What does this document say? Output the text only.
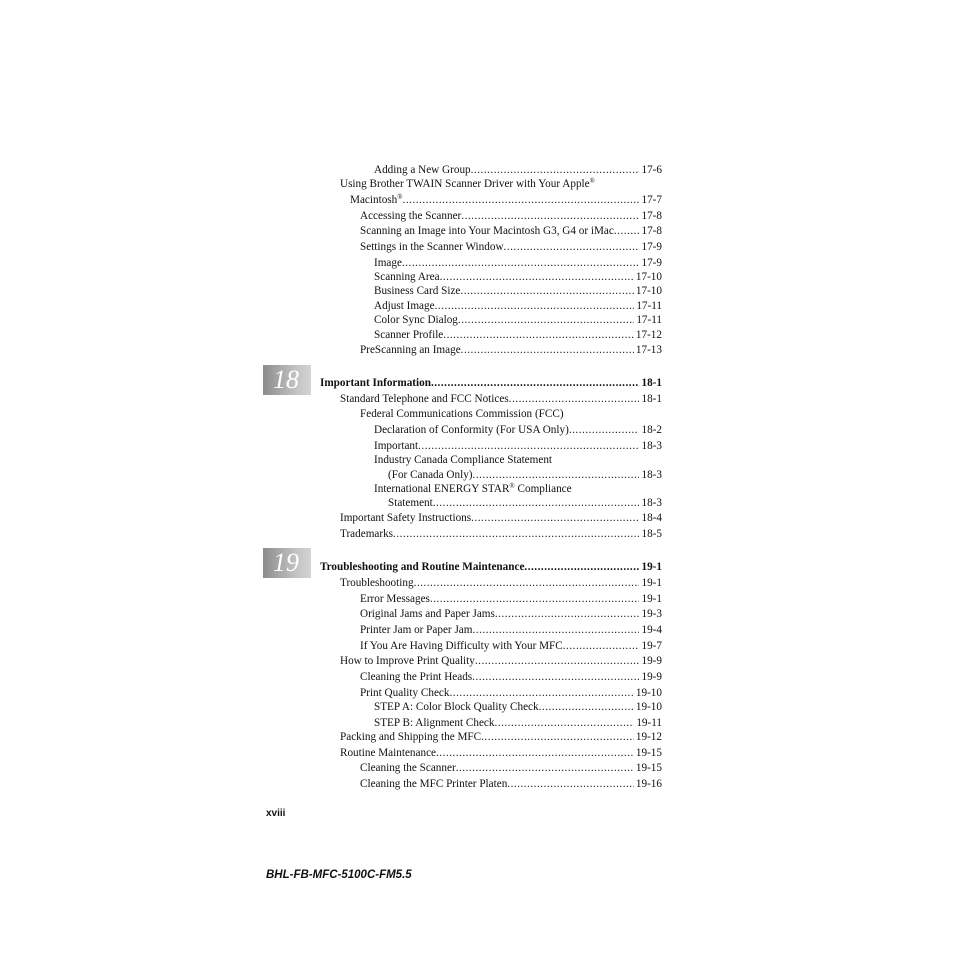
Adding a New Group .....	17-6
Using Brother TWAIN Scanner Driver with Your Apple®
Macintosh® .....	17-7
Accessing the Scanner .....	17-8
Scanning an Image into Your Macintosh G3, G4 or iMac ..... 17-8
Settings in the Scanner Window .....	17-9
Image .....	17-9
Scanning Area .....	17-10
Business Card Size .....	17-10
Adjust Image .....	17-11
Color Sync Dialog .....	17-11
Scanner Profile .....	17-12
PreScanning an Image .....	17-13
18	Important Information .....	18-1
Standard Telephone and FCC Notices .....	18-1
Federal Communications Commission (FCC)
Declaration of Conformity (For USA Only) .....	18-2
Important .....	18-3
Industry Canada Compliance Statement
(For Canada Only) .....	18-3
International ENERGY STAR® Compliance
Statement .....	18-3
Important Safety Instructions .....	18-4
Trademarks .....	18-5
19	Troubleshooting and Routine Maintenance .....	19-1
Troubleshooting .....	19-1
Error Messages .....	19-1
Original Jams and Paper Jams .....	19-3
Printer Jam or Paper Jam .....	19-4
If You Are Having Difficulty with Your MFC .....	19-7
How to Improve Print Quality .....	19-9
Cleaning the Print Heads .....	19-9
Print Quality Check .....	19-10
STEP A: Color Block Quality Check .....	19-10
STEP B: Alignment Check .....	19-11
Packing and Shipping the MFC .....	19-12
Routine Maintenance .....	19-15
Cleaning the Scanner .....	19-15
Cleaning the MFC Printer Platen .....	19-16
xviii
BHL-FB-MFC-5100C-FM5.5
